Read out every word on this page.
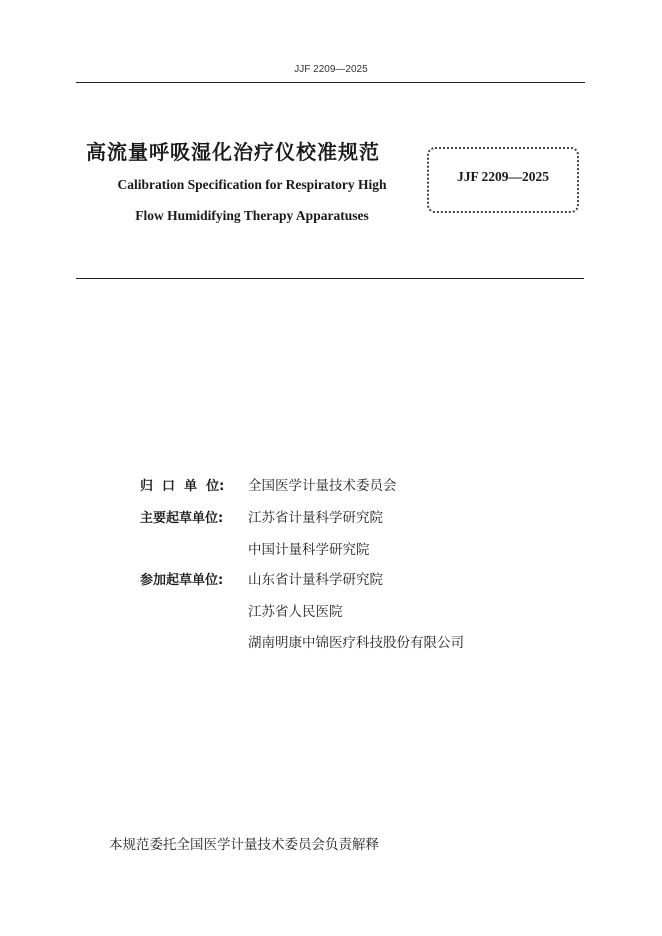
JJF 2209—2025
高流量呼吸湿化治疗仪校准规范
Calibration Specification for Respiratory High
Flow Humidifying Therapy Apparatuses
JJF 2209—2025
归  口  单  位: 全国医学计量技术委员会
主要起草单位: 江苏省计量科学研究院
中国计量科学研究院
参加起草单位: 山东省计量科学研究院
江苏省人民医院
湖南明康中锦医疗科技股份有限公司
本规范委托全国医学计量技术委员会负责解释
